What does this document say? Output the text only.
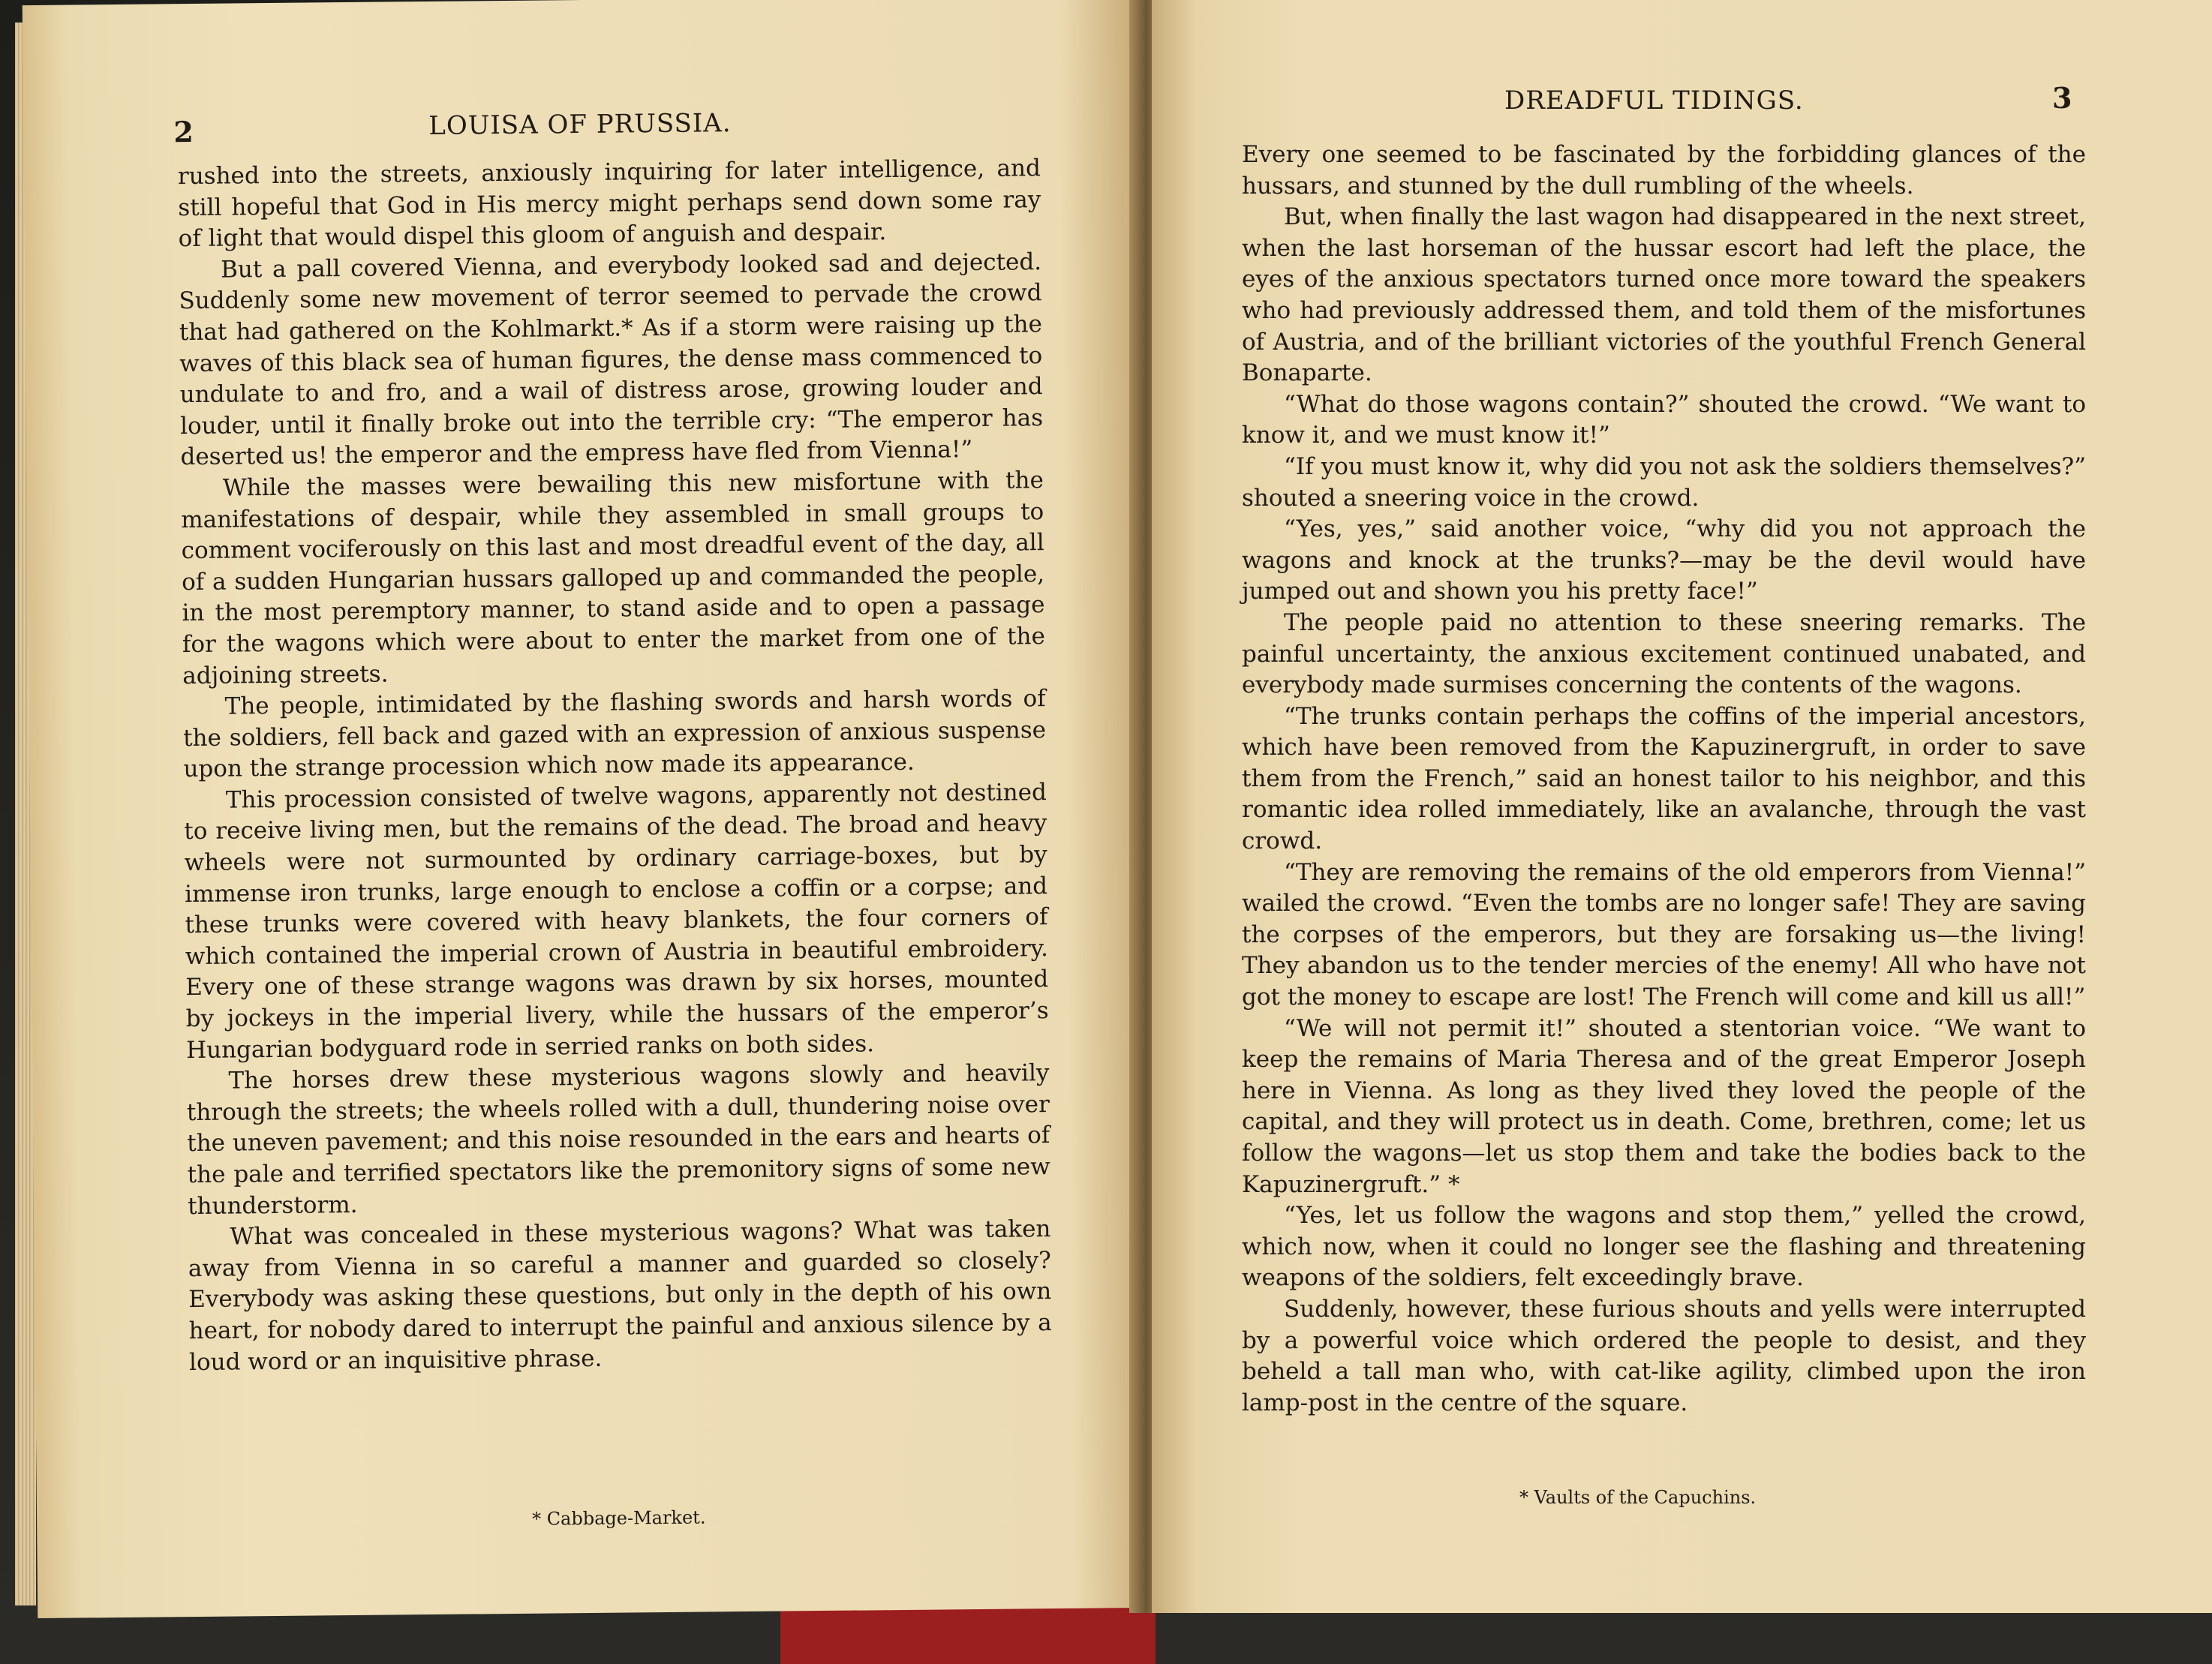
2	LOUISA OF PRUSSIA.

rushed into the streets, anxiously inquiring for later intelligence, and still hopeful that God in His mercy might perhaps send down some ray of light that would dispel this gloom of anguish and despair.

But a pall covered Vienna, and everybody looked sad and dejected. Suddenly some new movement of terror seemed to pervade the crowd that had gathered on the Kohlmarkt.* As if a storm were raising up the waves of this black sea of human figures, the dense mass commenced to undulate to and fro, and a wail of distress arose, growing louder and louder, until it finally broke out into the terrible cry: “The emperor has deserted us! the emperor and the empress have fled from Vienna!”

While the masses were bewailing this new misfortune with the manifestations of despair, while they assembled in small groups to comment vociferously on this last and most dreadful event of the day, all of a sudden Hungarian hussars galloped up and commanded the people, in the most peremptory manner, to stand aside and to open a passage for the wagons which were about to enter the market from one of the adjoining streets.

The people, intimidated by the flashing swords and harsh words of the soldiers, fell back and gazed with an expression of anxious suspense upon the strange procession which now made its appearance.

This procession consisted of twelve wagons, apparently not destined to receive living men, but the remains of the dead. The broad and heavy wheels were not surmounted by ordinary carriage-boxes, but by immense iron trunks, large enough to enclose a coffin or a corpse; and these trunks were covered with heavy blankets, the four corners of which contained the imperial crown of Austria in beautiful embroidery. Every one of these strange wagons was drawn by six horses, mounted by jockeys in the imperial livery, while the hussars of the emperor’s Hungarian bodyguard rode in serried ranks on both sides.

The horses drew these mysterious wagons slowly and heavily through the streets; the wheels rolled with a dull, thundering noise over the uneven pavement; and this noise resounded in the ears and hearts of the pale and terrified spectators like the premonitory signs of some new thunderstorm.

What was concealed in these mysterious wagons? What was taken away from Vienna in so careful a manner and guarded so closely? Everybody was asking these questions, but only in the depth of his own heart, for nobody dared to interrupt the painful and anxious silence by a loud word or an inquisitive phrase.

* Cabbage-Market.
DREADFUL TIDINGS.	3

Every one seemed to be fascinated by the forbidding glances of the hussars, and stunned by the dull rumbling of the wheels.

But, when finally the last wagon had disappeared in the next street, when the last horseman of the hussar escort had left the place, the eyes of the anxious spectators turned once more toward the speakers who had previously addressed them, and told them of the misfortunes of Austria, and of the brilliant victories of the youthful French General Bonaparte.

“What do those wagons contain?” shouted the crowd. “We want to know it, and we must know it!”

“If you must know it, why did you not ask the soldiers themselves?” shouted a sneering voice in the crowd.

“Yes, yes,” said another voice, “why did you not approach the wagons and knock at the trunks?—may be the devil would have jumped out and shown you his pretty face!”

The people paid no attention to these sneering remarks. The painful uncertainty, the anxious excitement continued unabated, and everybody made surmises concerning the contents of the wagons.

“The trunks contain perhaps the coffins of the imperial ancestors, which have been removed from the Kapuzinergruft, in order to save them from the French,” said an honest tailor to his neighbor, and this romantic idea rolled immediately, like an avalanche, through the vast crowd.

“They are removing the remains of the old emperors from Vienna!” wailed the crowd. “Even the tombs are no longer safe! They are saving the corpses of the emperors, but they are forsaking us—the living! They abandon us to the tender mercies of the enemy! All who have not got the money to escape are lost! The French will come and kill us all!”

“We will not permit it!” shouted a stentorian voice. “We want to keep the remains of Maria Theresa and of the great Emperor Joseph here in Vienna. As long as they lived they loved the people of the capital, and they will protect us in death. Come, brethren, come; let us follow the wagons—let us stop them and take the bodies back to the Kapuzinergruft.” *

“Yes, let us follow the wagons and stop them,” yelled the crowd, which now, when it could no longer see the flashing and threatening weapons of the soldiers, felt exceedingly brave.

Suddenly, however, these furious shouts and yells were interrupted by a powerful voice which ordered the people to desist, and they beheld a tall man who, with cat-like agility, climbed upon the iron lamp-post in the centre of the square.

* Vaults of the Capuchins.
